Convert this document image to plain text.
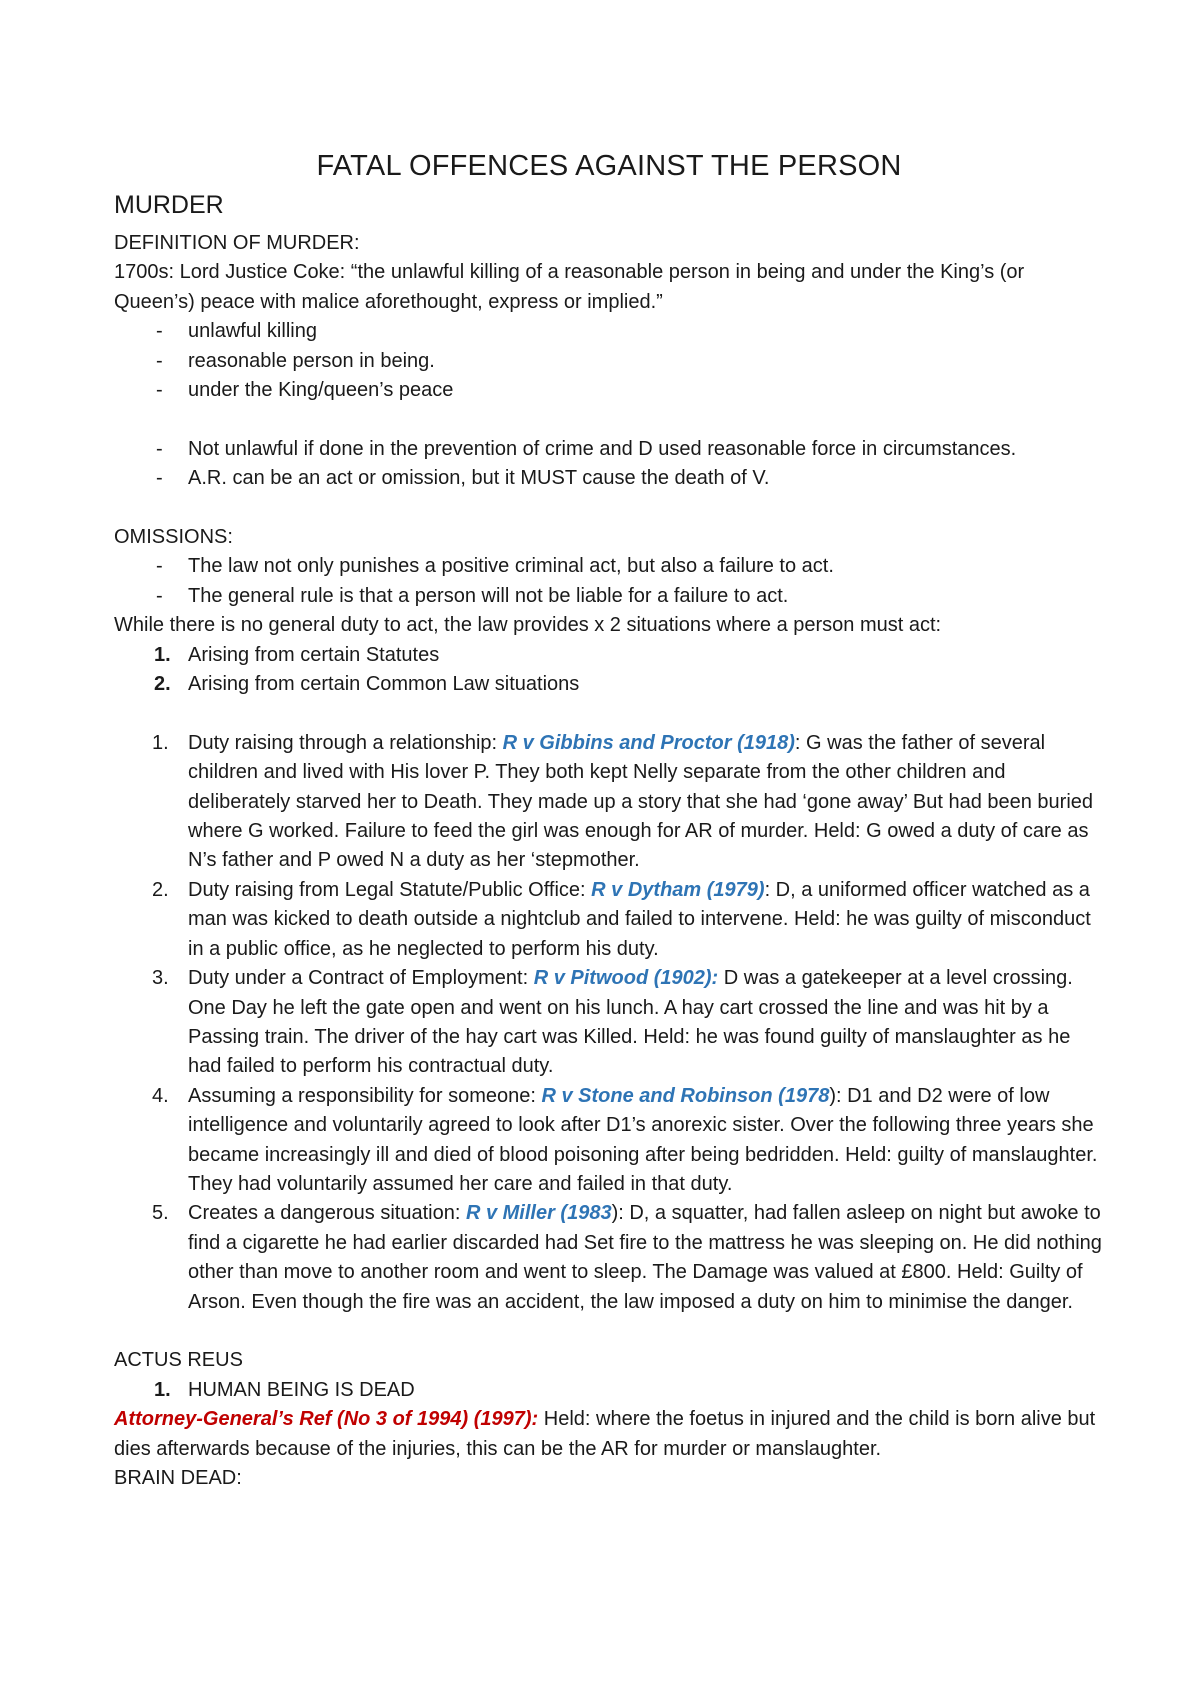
FATAL OFFENCES AGAINST THE PERSON
MURDER

DEFINITION OF MURDER:

1700s: Lord Justice Coke: “the unlawful killing of a reasonable person in being and under the King’s (or Queen’s) peace with malice aforethought, express or implied.”

- unlawful killing
- reasonable person in being.
- under the King/queen’s peace
- Not unlawful if done in the prevention of crime and D used reasonable force in circumstances.
- A.R. can be an act or omission, but it MUST cause the death of V.

OMISSIONS:

- The law not only punishes a positive criminal act, but also a failure to act.
- The general rule is that a person will not be liable for a failure to act.

While there is no general duty to act, the law provides x 2 situations where a person must act:

1. Arising from certain Statutes
2. Arising from certain Common Law situations
1. Duty raising through a relationship: R v Gibbins and Proctor (1918): G was the father of several children and lived with His lover P. They both kept Nelly separate from the other children and deliberately starved her to Death. They made up a story that she had ‘gone away’ But had been buried where G worked. Failure to feed the girl was enough for AR of murder. Held: G owed a duty of care as N’s father and P owed N a duty as her ‘stepmother.
2. Duty raising from Legal Statute/Public Office: R v Dytham (1979): D, a uniformed officer watched as a man was kicked to death outside a nightclub and failed to intervene. Held: he was guilty of misconduct in a public office, as he neglected to perform his duty.
3. Duty under a Contract of Employment: R v Pitwood (1902): D was a gatekeeper at a level crossing. One Day he left the gate open and went on his lunch. A hay cart crossed the line and was hit by a Passing train. The driver of the hay cart was Killed. Held: he was found guilty of manslaughter as he had failed to perform his contractual duty.
4. Assuming a responsibility for someone: R v Stone and Robinson (1978): D1 and D2 were of low intelligence and voluntarily agreed to look after D1’s anorexic sister. Over the following three years she became increasingly ill and died of blood poisoning after being bedridden. Held: guilty of manslaughter. They had voluntarily assumed her care and failed in that duty.
5. Creates a dangerous situation: R v Miller (1983): D, a squatter, had fallen asleep on night but awoke to find a cigarette he had earlier discarded had Set fire to the mattress he was sleeping on. He did nothing other than move to another room and went to sleep. The Damage was valued at £800. Held: Guilty of Arson. Even though the fire was an accident, the law imposed a duty on him to minimise the danger.

ACTUS REUS

1. HUMAN BEING IS DEAD

Attorney-General’s Ref (No 3 of 1994) (1997): Held: where the foetus in injured and the child is born alive but dies afterwards because of the injuries, this can be the AR for murder or manslaughter.

BRAIN DEAD:
